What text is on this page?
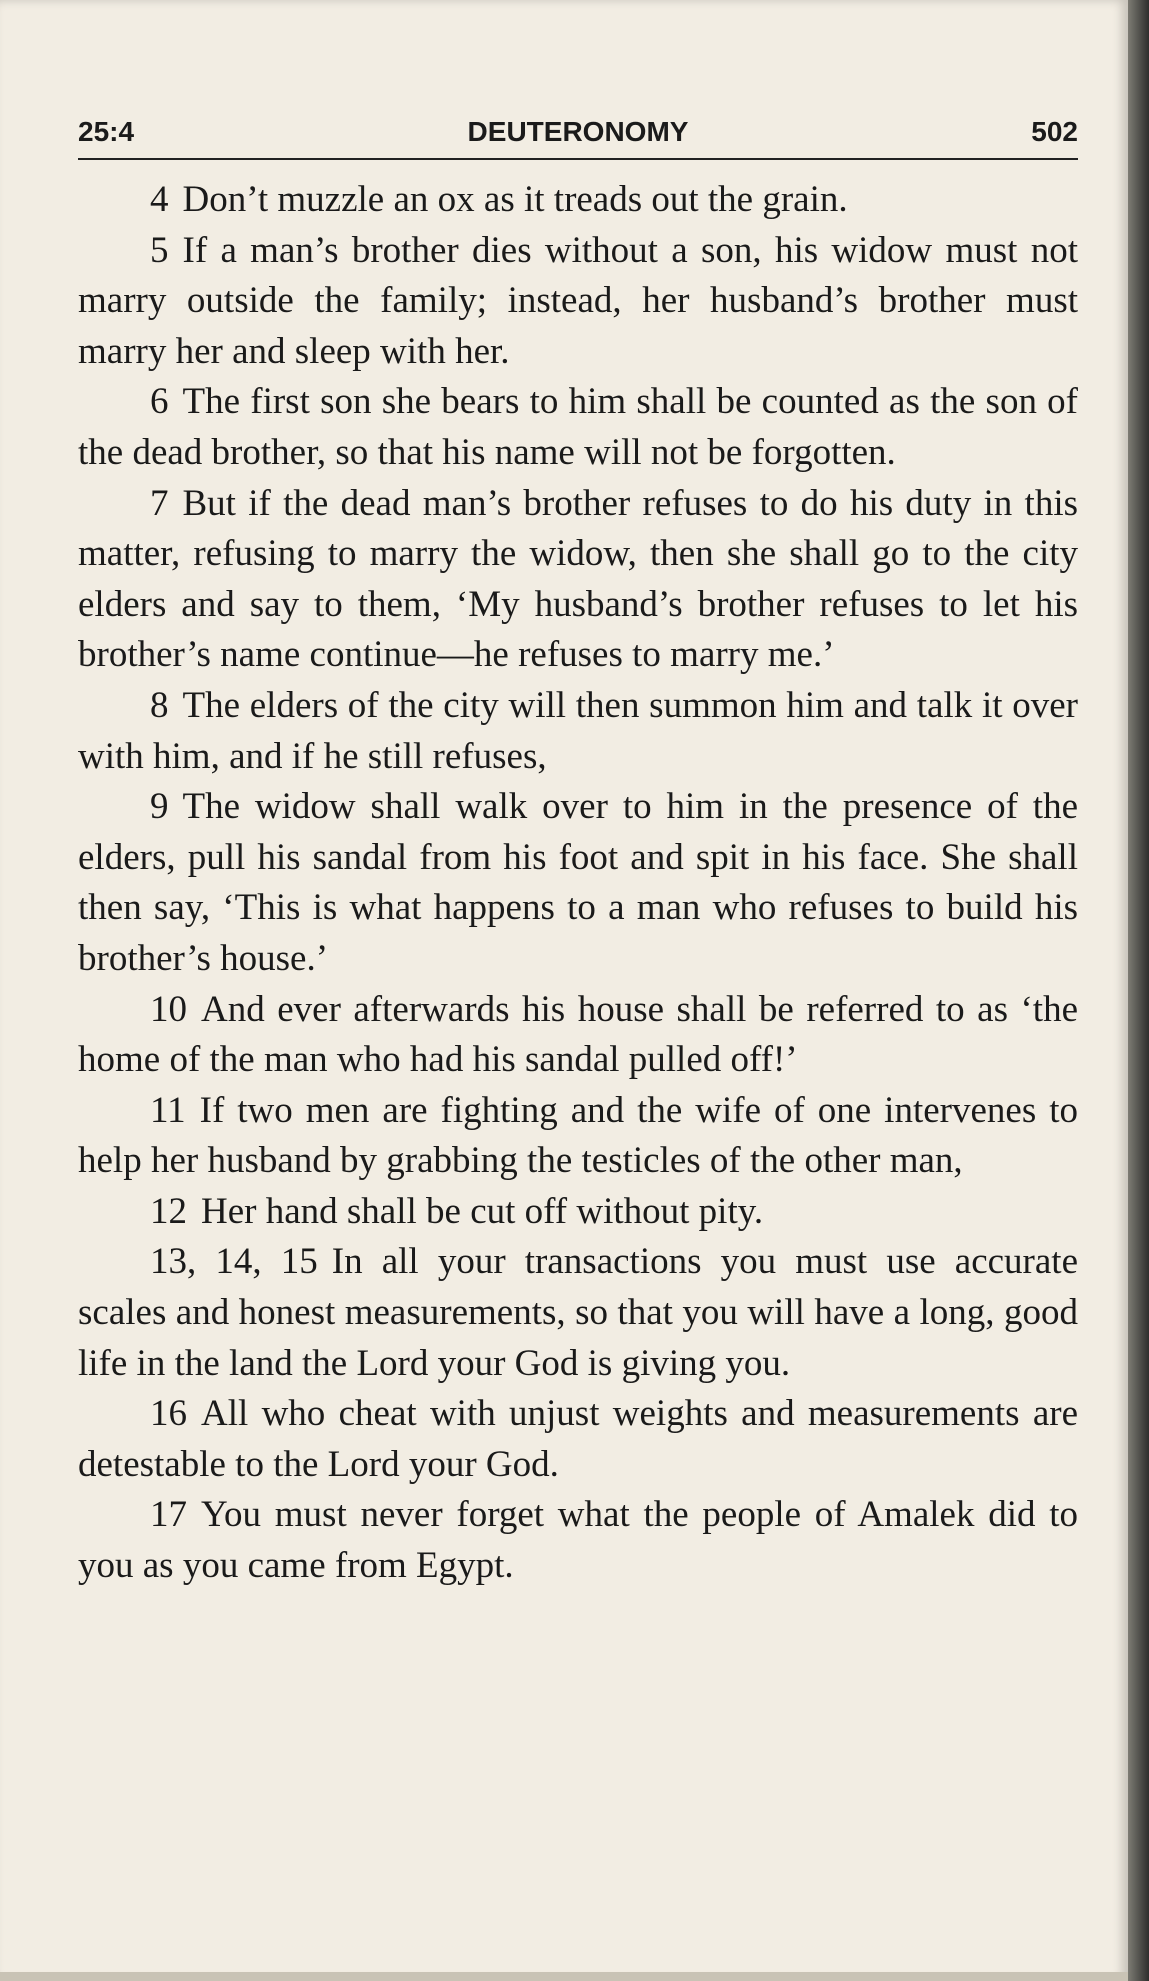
DEUTERONOMY
25:4	502

4 Don’t muzzle an ox as it treads out the grain.

5 If a man’s brother dies without a son, his widow must not marry outside the family; instead, her husband’s brother must marry her and sleep with her.

6 The first son she bears to him shall be counted as the son of the dead brother, so that his name will not be forgotten.

7 But if the dead man’s brother refuses to do his duty in this matter, refusing to marry the widow, then she shall go to the city elders and say to them, ‘My husband’s brother refuses to let his brother’s name continue—he refuses to marry me.’

8 The elders of the city will then summon him and talk it over with him, and if he still refuses,

9 The widow shall walk over to him in the presence of the elders, pull his sandal from his foot and spit in his face. She shall then say, ‘This is what happens to a man who refuses to build his brother’s house.’

10 And ever afterwards his house shall be referred to as ‘the home of the man who had his sandal pulled off!’

11 If two men are fighting and the wife of one intervenes to help her husband by grabbing the testicles of the other man,

12 Her hand shall be cut off without pity.

13, 14, 15 In all your transactions you must use accurate scales and honest measurements, so that you will have a long, good life in the land the Lord your God is giving you.

16 All who cheat with unjust weights and measurements are detestable to the Lord your God.

17 You must never forget what the people of Amalek did to you as you came from Egypt.
